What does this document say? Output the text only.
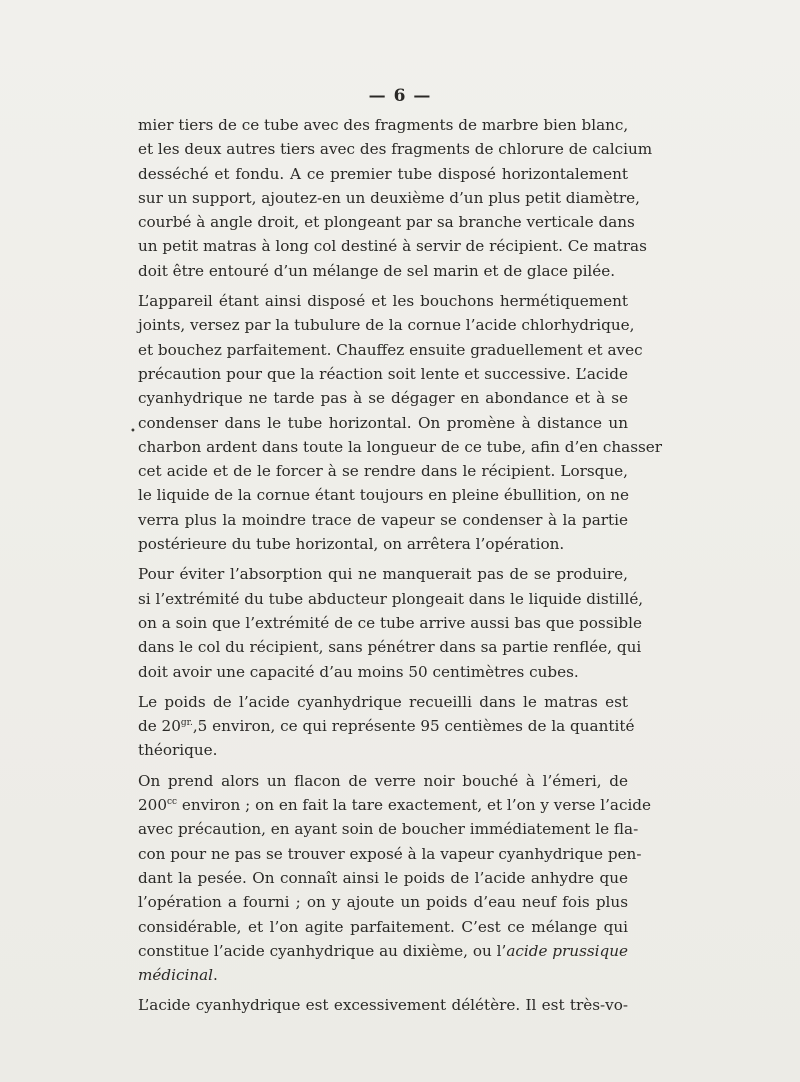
— 6 —
•

mier tiers de ce tube avec des fragments de marbre bien blanc,
et les deux autres tiers avec des fragments de chlorure de calcium
desséché et fondu. A ce premier tube disposé horizontalement
sur un support, ajoutez-en un deuxième d’un plus petit diamètre,
courbé à angle droit, et plongeant par sa branche verticale dans
un petit matras à long col destiné à servir de récipient. Ce matras
doit être entouré d’un mélange de sel marin et de glace pilée.

L’appareil étant ainsi disposé et les bouchons hermétiquement
joints, versez par la tubulure de la cornue l’acide chlorhydrique,
et bouchez parfaitement. Chauffez ensuite graduellement et avec
précaution pour que la réaction soit lente et successive. L’acide
cyanhydrique ne tarde pas à se dégager en abondance et à se
condenser dans le tube horizontal. On promène à distance un
charbon ardent dans toute la longueur de ce tube, afin d’en chasser
cet acide et de le forcer à se rendre dans le récipient. Lorsque,
le liquide de la cornue étant toujours en pleine ébullition, on ne
verra plus la moindre trace de vapeur se condenser à la partie
postérieure du tube horizontal, on arrêtera l’opération.

Pour éviter l’absorption qui ne manquerait pas de se produire,
si l’extrémité du tube abducteur plongeait dans le liquide distillé,
on a soin que l’extrémité de ce tube arrive aussi bas que possible
dans le col du récipient, sans pénétrer dans sa partie renflée, qui
doit avoir une capacité d’au moins 50 centimètres cubes.

Le poids de l’acide cyanhydrique recueilli dans le matras est
de $20^{gr.},5$ environ, ce qui représente 95 centièmes de la quantité
théorique.

On prend alors un flacon de verre noir bouché à l’émeri, de
$200^{cc}$ environ ; on en fait la tare exactement, et l’on y verse l’acide
avec précaution, en ayant soin de boucher immédiatement le fla-
con pour ne pas se trouver exposé à la vapeur cyanhydrique pen-
dant la pesée. On connaît ainsi le poids de l’acide anhydre que
l’opération a fourni ; on y ajoute un poids d’eau neuf fois plus
considérable, et l’on agite parfaitement. C’est ce mélange qui
constitue l’acide cyanhydrique au dixième, ou l’acide prussique
médicinal.

L’acide cyanhydrique est excessivement délétère. Il est très-vo-
